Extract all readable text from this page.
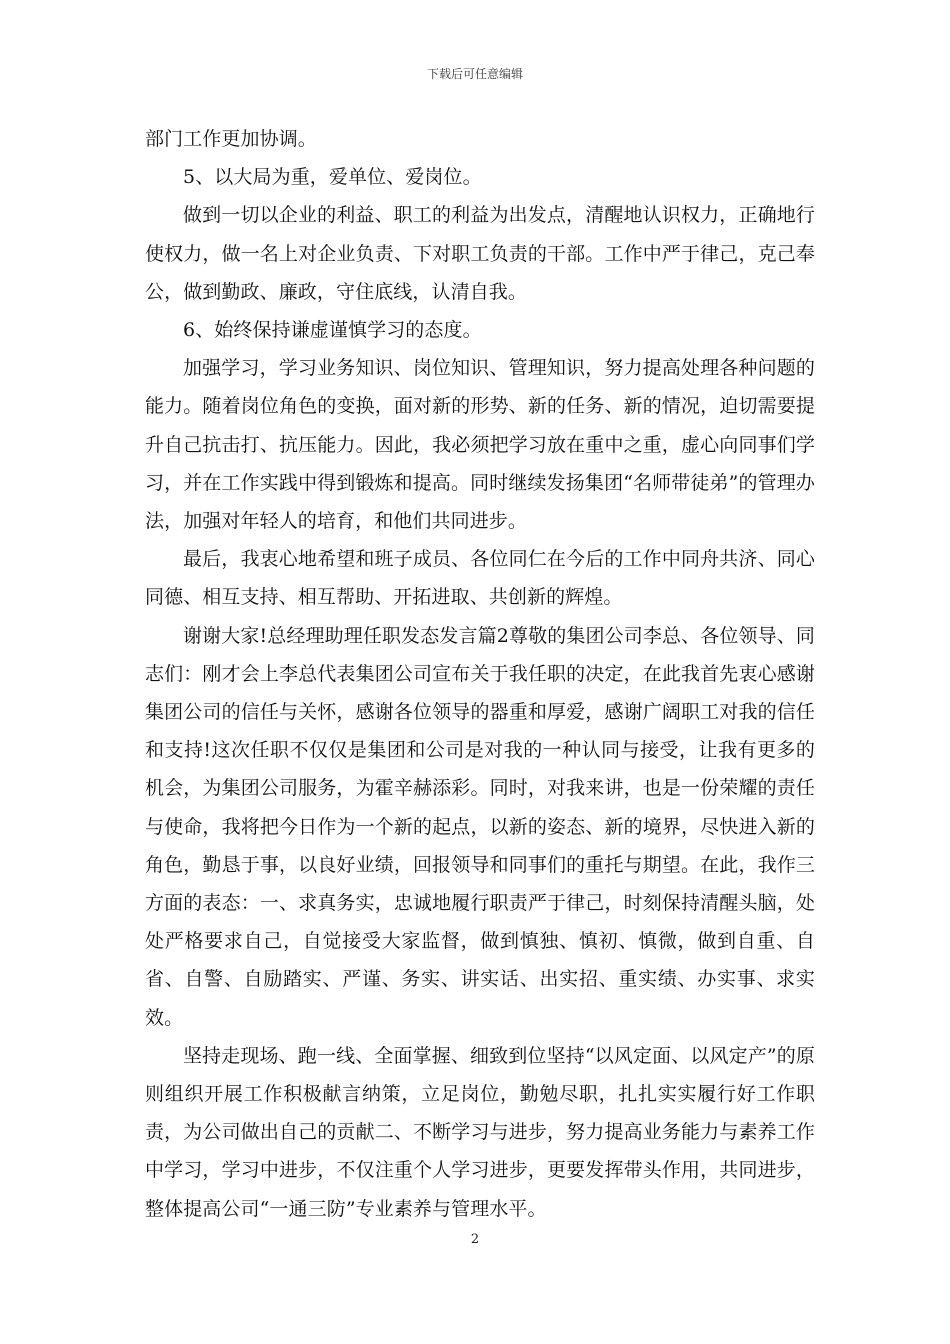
下载后可任意编辑

部门工作更加协调。

5、以大局为重，爱单位、爱岗位。

做到一切以企业的利益、职工的利益为出发点，清醒地认识权力，正确地行使权力，做一名上对企业负责、下对职工负责的干部。工作中严于律己，克己奉公，做到勤政、廉政，守住底线，认清自我。

6、始终保持谦虚谨慎学习的态度。

加强学习，学习业务知识、岗位知识、管理知识，努力提高处理各种问题的能力。随着岗位角色的变换，面对新的形势、新的任务、新的情况，迫切需要提升自己抗击打、抗压能力。因此，我必须把学习放在重中之重，虚心向同事们学习，并在工作实践中得到锻炼和提高。同时继续发扬集团“名师带徒弟”的管理办法，加强对年轻人的培育，和他们共同进步。

最后，我衷心地希望和班子成员、各位同仁在今后的工作中同舟共济、同心同德、相互支持、相互帮助、开拓进取、共创新的辉煌。

谢谢大家!总经理助理任职发态发言篇2尊敬的集团公司李总、各位领导、同志们：刚才会上李总代表集团公司宣布关于我任职的决定，在此我首先衷心感谢集团公司的信任与关怀，感谢各位领导的器重和厚爱，感谢广阔职工对我的信任和支持!这次任职不仅仅是集团和公司是对我的一种认同与接受，让我有更多的机会，为集团公司服务，为霍辛赫添彩。同时，对我来讲，也是一份荣耀的责任与使命，我将把今日作为一个新的起点，以新的姿态、新的境界，尽快进入新的角色，勤恳于事，以良好业绩，回报领导和同事们的重托与期望。在此，我作三方面的表态：一、求真务实，忠诚地履行职责严于律己，时刻保持清醒头脑，处处严格要求自己，自觉接受大家监督，做到慎独、慎初、慎微，做到自重、自省、自警、自励踏实、严谨、务实、讲实话、出实招、重实绩、办实事、求实效。

坚持走现场、跑一线、全面掌握、细致到位坚持“以风定面、以风定产”的原则组织开展工作积极献言纳策，立足岗位，勤勉尽职，扎扎实实履行好工作职责，为公司做出自己的贡献二、不断学习与进步，努力提高业务能力与素养工作中学习，学习中进步，不仅注重个人学习进步，更要发挥带头作用，共同进步，整体提高公司“一通三防”专业素养与管理水平。

2
